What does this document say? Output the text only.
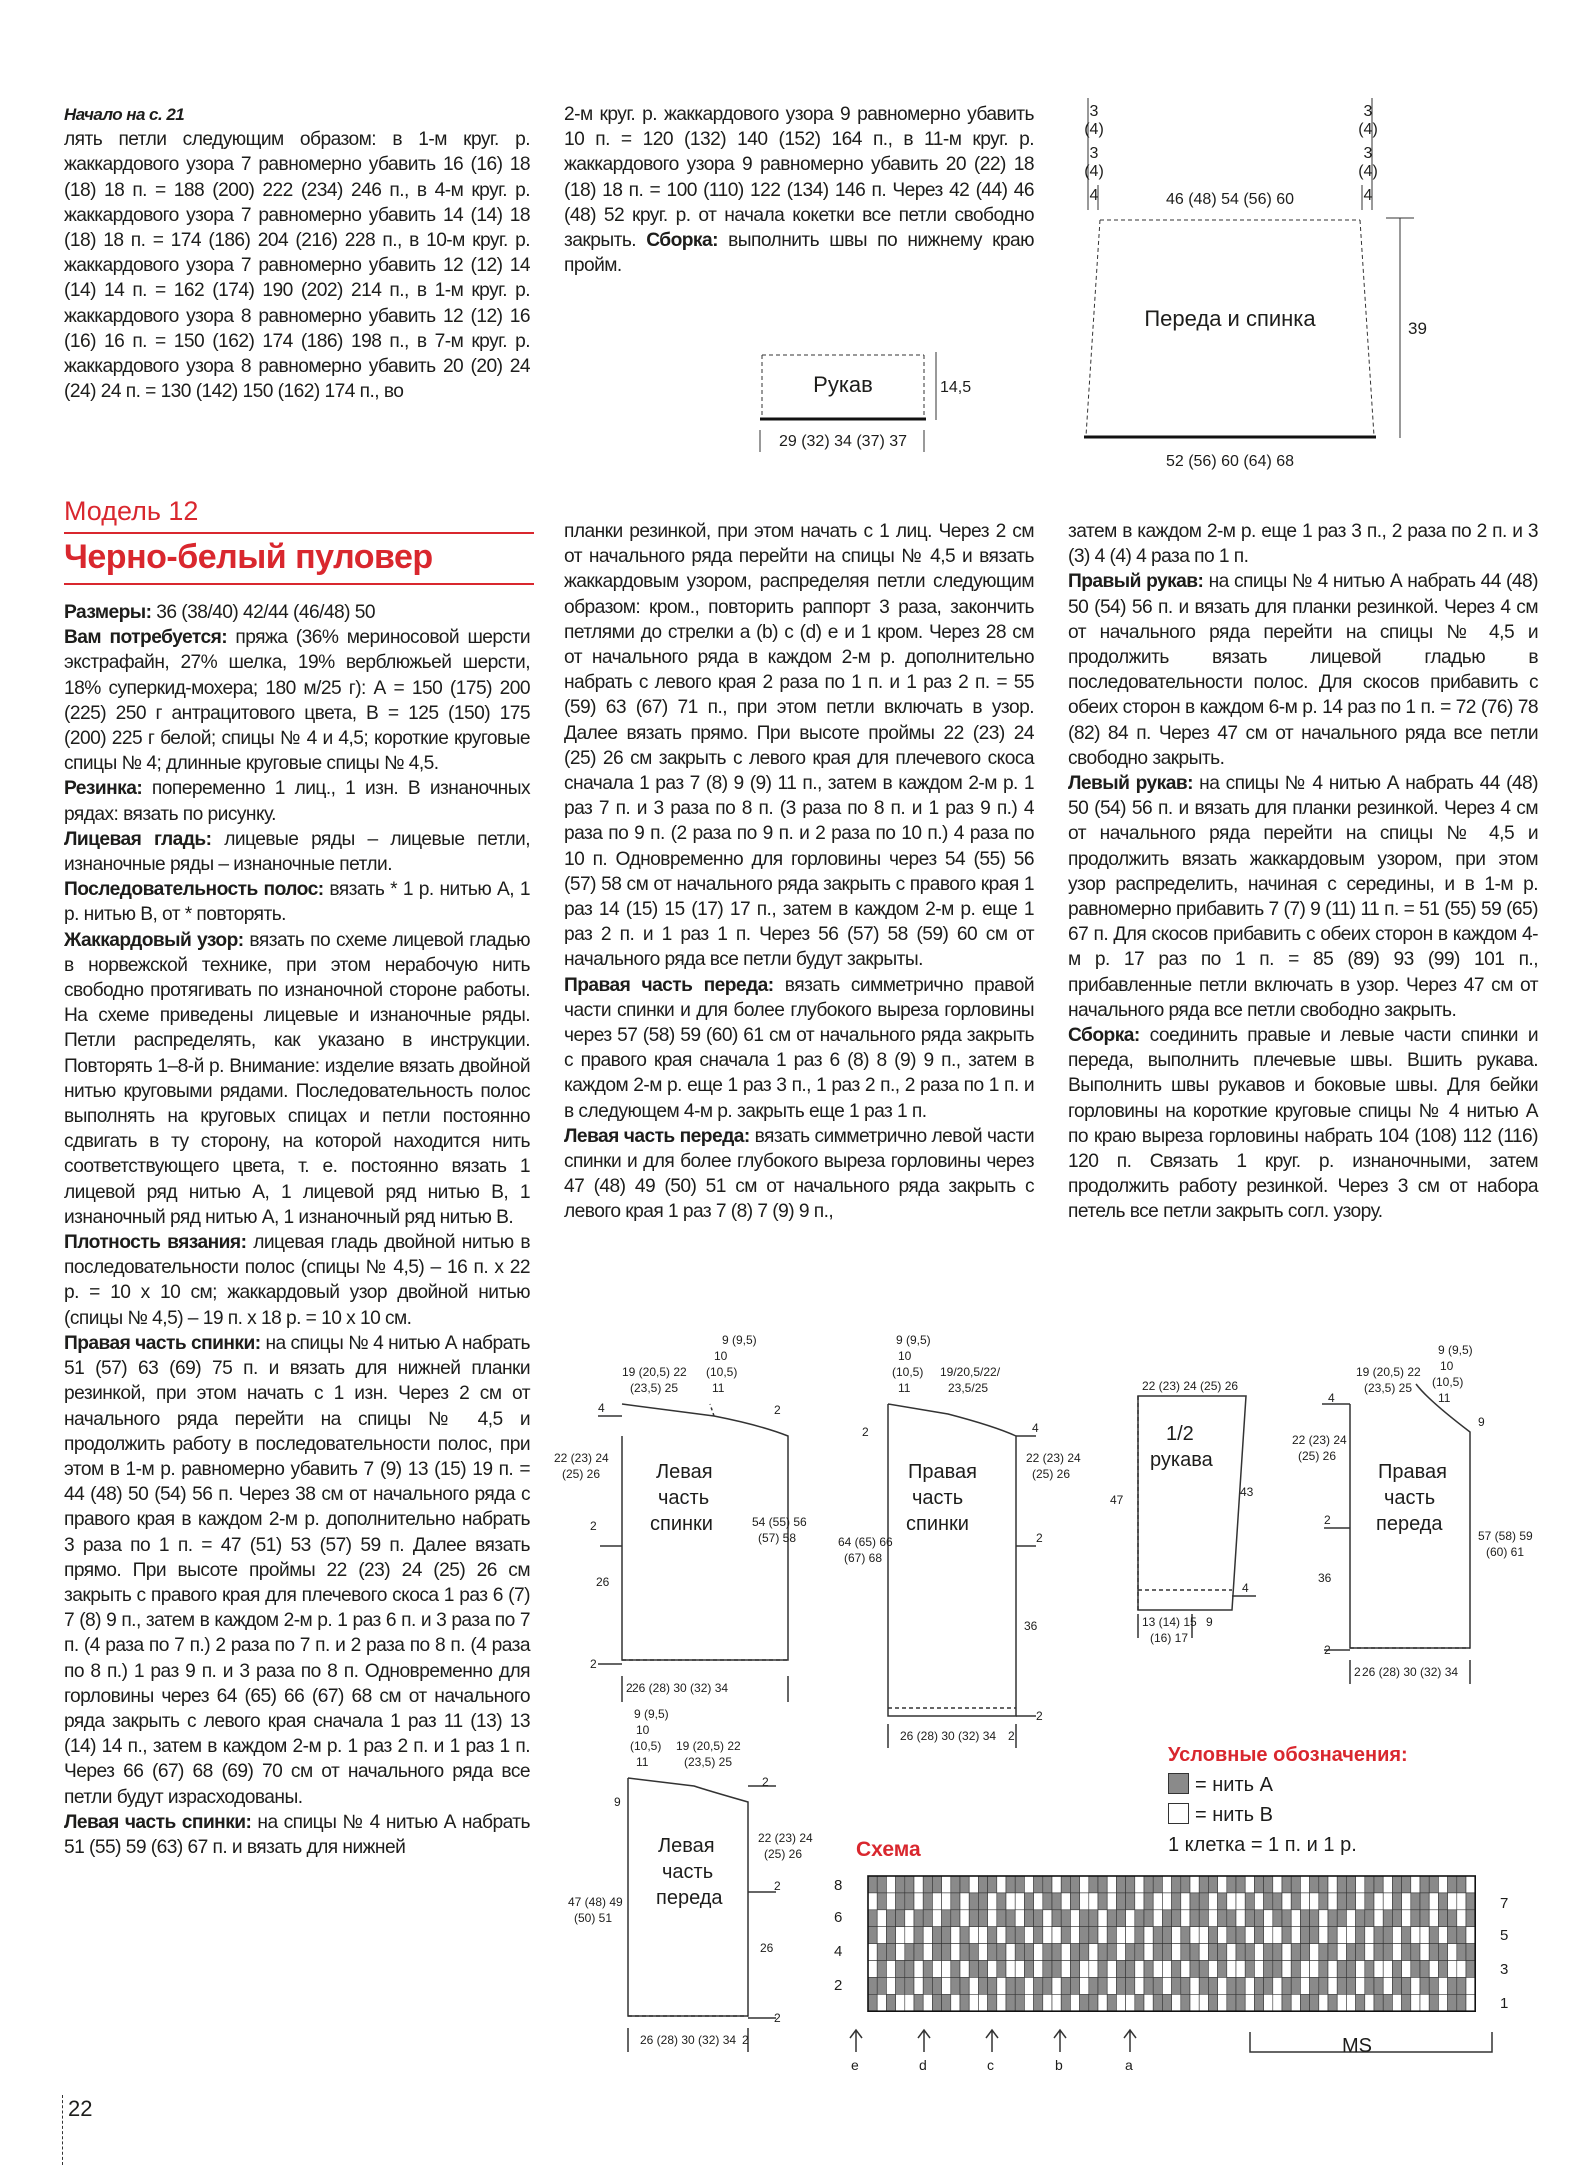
Начало на с. 21

лять петли следующим образом: в 1-м круг. р. жаккардового узора 7 равномерно убавить 16 (16) 18 (18) 18 п. = 188 (200) 222 (234) 246 п., в 4-м круг. р. жаккардового узора 7 равномерно убавить 14 (14) 18 (18) 18 п. = 174 (186) 204 (216) 228 п., в 10-м круг. р. жаккардового узора 7 равномерно убавить 12 (12) 14 (14) 14 п. = 162 (174) 190 (202) 214 п., в 1-м круг. р. жаккардового узора 8 равномерно убавить 12 (12) 16 (16) 16 п. = 150 (162) 174 (186) 198 п., в 7-м круг. р. жаккардового узора 8 равномерно убавить 20 (20) 24 (24) 24 п. = 130 (142) 150 (162) 174 п., во

2-м круг. р. жаккардового узора 9 равномерно убавить 10 п. = 120 (132) 140 (152) 164 п., в 11-м круг. р. жаккардового узора 9 равномерно убавить 20 (22) 18 (18) 18 п. = 100 (110) 122 (134) 146 п. Через 42 (44) 46 (48) 52 круг. р. от начала кокетки все петли свободно закрыть. Сборка: выполнить швы по нижнему краю пройм.

Рукав	14,5
29 (32) 34 (37) 37
Переда и спинка
46 (48) 54 (56) 60
52 (56) 60 (64) 68
39
3
(4)
3
(4)
4
3
(4)
3
(4)
4
Модель 12
Черно-белый пуловер

Размеры: 36 (38/40) 42/44 (46/48) 50

Вам потребуется: пряжа (36% мериносовой шерсти экстрафайн, 27% шелка, 19% верблюжьей шерсти, 18% суперкид-мохера; 180 м/25 г): А = 150 (175) 200 (225) 250 г антрацитового цвета, В = 125 (150) 175 (200) 225 г белой; спицы № 4 и 4,5; короткие круговые спицы № 4; длинные круговые спицы № 4,5.

Резинка: попеременно 1 лиц., 1 изн. В изнаночных рядах: вязать по рисунку.

Лицевая гладь: лицевые ряды – лицевые петли, изнаночные ряды – изнаночные петли.

Последовательность полос: вязать * 1 р. нитью А, 1 р. нитью В, от * повторять.

Жаккардовый узор: вязать по схеме лицевой гладью в норвежской технике, при этом нерабочую нить свободно протягивать по изнаночной стороне работы. На схеме приведены лицевые и изнаночные ряды. Петли распределять, как указано в инструкции. Повторять 1–8-й р. Внимание: изделие вязать двойной нитью круговыми рядами. Последовательность полос выполнять на круговых спицах и петли постоянно сдвигать в ту сторону, на которой находится нить соответствующего цвета, т. е. постоянно вязать 1 лицевой ряд нитью А, 1 лицевой ряд нитью В, 1 изнаночный ряд нитью А, 1 изнаночный ряд нитью В.

Плотность вязания: лицевая гладь двойной нитью в последовательности полос (спицы № 4,5) – 16 п. х 22 р. = 10 х 10 см; жаккардовый узор двойной нитью (спицы № 4,5) – 19 п. х 18 р. = 10 х 10 см.

Правая часть спинки: на спицы № 4 нитью А набрать 51 (57) 63 (69) 75 п. и вязать для нижней планки резинкой, при этом начать с 1 изн. Через 2 см от начального ряда перейти на спицы № 4,5 и продолжить работу в последовательности полос, при этом в 1-м р. равномерно убавить 7 (9) 13 (15) 19 п. = 44 (48) 50 (54) 56 п. Через 38 см от начального ряда с правого края в каждом 2-м р. дополнительно набрать 3 раза по 1 п. = 47 (51) 53 (57) 59 п. Далее вязать прямо. При высоте проймы 22 (23) 24 (25) 26 см закрыть с правого края для плечевого скоса 1 раз 6 (7) 7 (8) 9 п., затем в каждом 2-м р. 1 раз 6 п. и 3 раза по 7 п. (4 раза по 7 п.) 2 раза по 7 п. и 2 раза по 8 п. (4 раза по 8 п.) 1 раз 9 п. и 3 раза по 8 п. Одновременно для горловины через 64 (65) 66 (67) 68 см от начального ряда закрыть с левого края сначала 1 раз 11 (13) 13 (14) 14 п., затем в каждом 2-м р. 1 раз 2 п. и 1 раз 1 п. Через 66 (67) 68 (69) 70 см от начального ряда все петли будут израсходованы.

Левая часть спинки: на спицы № 4 нитью А набрать 51 (55) 59 (63) 67 п. и вязать для нижней

планки резинкой, при этом начать с 1 лиц. Через 2 см от начального ряда перейти на спицы № 4,5 и вязать жаккардовым узором, распределяя петли следующим образом: кром., повторить раппорт 3 раза, закончить петлями до стрелки а (b) с (d) е и 1 кром. Через 28 см от начального ряда в каждом 2-м р. дополнительно набрать с левого края 2 раза по 1 п. и 1 раз 2 п. = 55 (59) 63 (67) 71 п., при этом петли включать в узор. Далее вязать прямо. При высоте проймы 22 (23) 24 (25) 26 см закрыть с левого края для плечевого скоса сначала 1 раз 7 (8) 9 (9) 11 п., затем в каждом 2-м р. 1 раз 7 п. и 3 раза по 8 п. (3 раза по 8 п. и 1 раз 9 п.) 4 раза по 9 п. (2 раза по 9 п. и 2 раза по 10 п.) 4 раза по 10 п. Одновременно для горловины через 54 (55) 56 (57) 58 см от начального ряда закрыть с правого края 1 раз 14 (15) 15 (17) 17 п., затем в каждом 2-м р. еще 1 раз 2 п. и 1 раз 1 п. Через 56 (57) 58 (59) 60 см от начального ряда все петли будут закрыты.

Правая часть переда: вязать симметрично правой части спинки и для более глубокого выреза горловины через 57 (58) 59 (60) 61 см от начального ряда закрыть с правого края сначала 1 раз 6 (8) 8 (9) 9 п., затем в каждом 2-м р. еще 1 раз 3 п., 1 раз 2 п., 2 раза по 1 п. и в следующем 4-м р. закрыть еще 1 раз 1 п.

Левая часть переда: вязать симметрично левой части спинки и для более глубокого выреза горловины через 47 (48) 49 (50) 51 см от начального ряда закрыть с левого края 1 раз 7 (8) 7 (9) 9 п.,

затем в каждом 2-м р. еще 1 раз 3 п., 2 раза по 2 п. и 3 (3) 4 (4) 4 раза по 1 п.

Правый рукав: на спицы № 4 нитью А набрать 44 (48) 50 (54) 56 п. и вязать для планки резинкой. Через 4 см от начального ряда перейти на спицы № 4,5 и продолжить вязать лицевой гладью в последовательности полос. Для скосов прибавить с обеих сторон в каждом 6-м р. 14 раз по 1 п. = 72 (76) 78 (82) 84 п. Через 47 см от начального ряда все петли свободно закрыть.

Левый рукав: на спицы № 4 нитью А набрать 44 (48) 50 (54) 56 п. и вязать для планки резинкой. Через 4 см от начального ряда перейти на спицы № 4,5 и продолжить вязать жаккардовым узором, при этом узор распределить, начиная с середины, и в 1-м р. равномерно прибавить 7 (7) 9 (11) 11 п. = 51 (55) 59 (65) 67 п. Для скосов прибавить с обеих сторон в каждом 4-м р. 17 раз по 1 п. = 85 (89) 93 (99) 101 п., прибавленные петли включать в узор. Через 47 см от начального ряда все петли свободно закрыть.

Сборка: соединить правые и левые части спинки и переда, выполнить плечевые швы. Вшить рукава. Выполнить швы рукавов и боковые швы. Для бейки горловины на короткие круговые спицы № 4 нитью А по краю выреза горловины набрать 104 (108) 112 (116) 120 п. Связать 1 круг. р. изнаночными, затем продолжить работу резинкой. Через 3 см от набора петель все петли закрыть согл. узору.

9 (9,5)
10
(10,5)
11
19 (20,5) 22
(23,5) 25
4	2
22 (23) 24
(25) 26
2	54 (55) 56
(57) 58
26
2
26 (28) 30 (32) 34
2
Левая
часть
спинки
9 (9,5)
10
(10,5)
11
19/20,5/22/
23,5/25
2	4
22 (23) 24
(25) 26
2
64 (65) 66
(67) 68
36
2
26 (28) 30 (32) 34 2
Правая
часть
спинки
22 (23) 24 (25) 26
1/2
рукава
47
43
4
13 (14) 15
(16) 17
9
9 (9,5)
10
(10,5)
11
19 (20,5) 22
(23,5) 25
4
9
22 (23) 24
(25) 26
2
57 (58) 59
(60) 61
36
2
26 (28) 30 (32) 34
2
Правая
часть
переда
9 (9,5)
10
(10,5)
11
19 (20,5) 22
(23,5) 25
9
2
22 (23) 24
(25) 26
2
47 (48) 49
(50) 51
26
2
26 (28) 30 (32) 34 2
Левая
часть
переда
8
6
4
2
7
5
3
1
e	d	c	b	a
MS
Условные обозначения:
= нить А
= нить В
1 клетка = 1 п. и 1 р.
Схема
22
